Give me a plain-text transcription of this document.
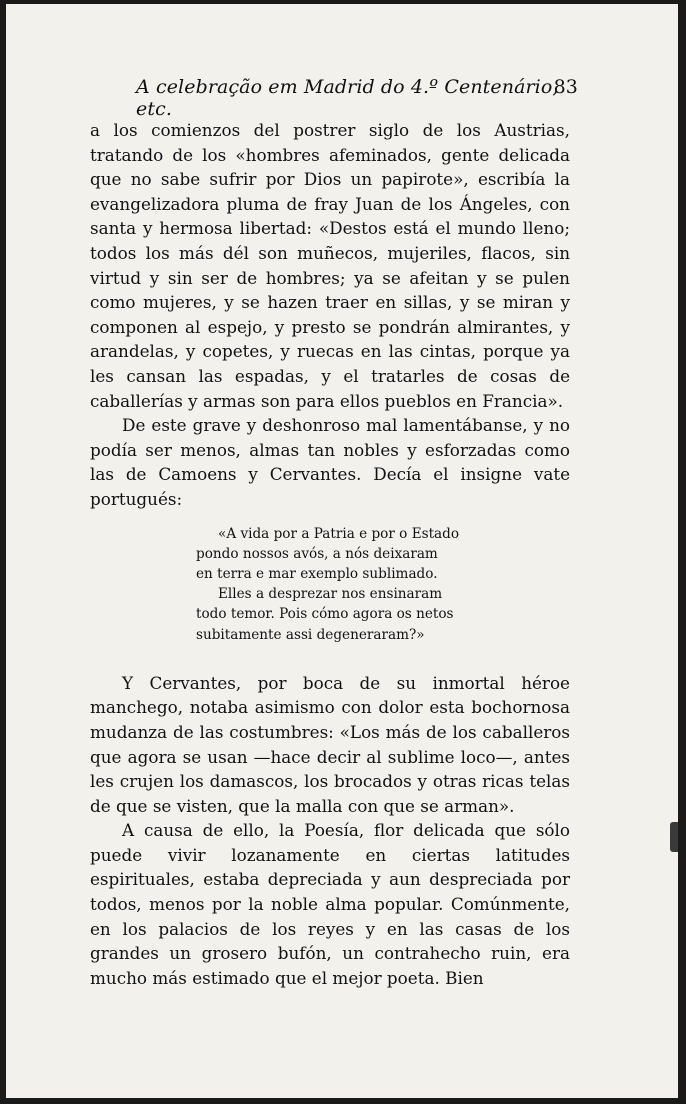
A celebração em Madrid do 4.º Centenário, etc.
83

a los comienzos del postrer siglo de los Austrias, tratando de los «hombres afeminados, gente delicada que no sabe sufrir por Dios un papirote», escribía la evangelizadora pluma de fray Juan de los Ángeles, con santa y hermosa libertad: «Destos está el mundo lleno; todos los más dél son muñecos, mujeriles, flacos, sin virtud y sin ser de hombres; ya se afeitan y se pulen como mujeres, y se hazen traer en sillas, y se miran y componen al espejo, y presto se pondrán almirantes, y arandelas, y copetes, y ruecas en las cintas, porque ya les cansan las espadas, y el tratarles de cosas de caballerías y armas son para ellos pueblos en Francia».

De este grave y deshonroso mal lamentábanse, y no podía ser menos, almas tan nobles y esforzadas como las de Camoens y Cervantes. Decía el insigne vate portugués:

«A vida por a Patria e por o Estado
pondo nossos avós, a nós deixaram
en terra e mar exemplo sublimado.
Elles a desprezar nos ensinaram
todo temor. Pois cómo agora os netos
subitamente assi degeneraram?»

Y Cervantes, por boca de su inmortal héroe manchego, notaba asimismo con dolor esta bochornosa mudanza de las costumbres: «Los más de los caballeros que agora se usan —hace decir al sublime loco—, antes les crujen los damascos, los brocados y otras ricas telas de que se visten, que la malla con que se arman».

A causa de ello, la Poesía, flor delicada que sólo puede vivir lozanamente en ciertas latitudes espirituales, estaba depreciada y aun despreciada por todos, menos por la noble alma popular. Comúnmente, en los palacios de los reyes y en las casas de los grandes un grosero bufón, un contrahecho ruin, era mucho más estimado que el mejor poeta. Bien
